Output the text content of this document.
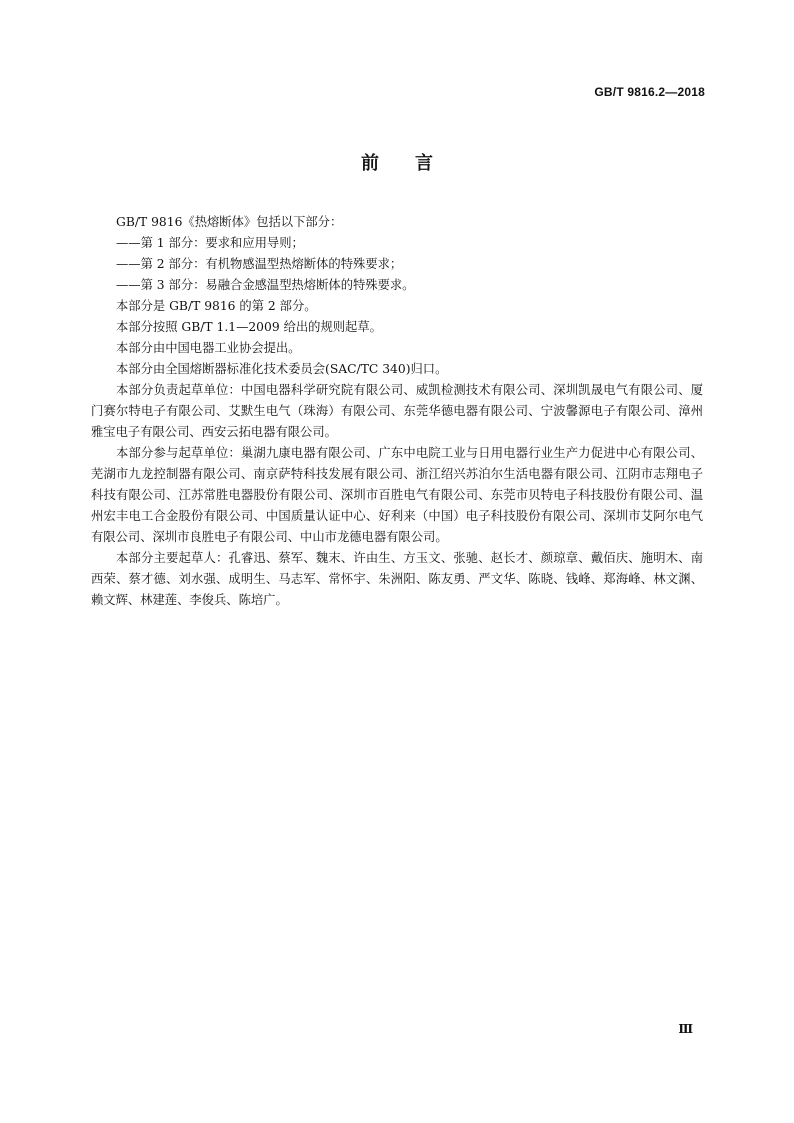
GB/T 9816.2—2018
前言

GB/T 9816《热熔断体》包括以下部分：

——第 1 部分：要求和应用导则；

——第 2 部分：有机物感温型热熔断体的特殊要求；

——第 3 部分：易融合金感温型热熔断体的特殊要求。

本部分是 GB/T 9816 的第 2 部分。

本部分按照 GB/T 1.1—2009 给出的规则起草。

本部分由中国电器工业协会提出。

本部分由全国熔断器标准化技术委员会(SAC/TC 340)归口。

本部分负责起草单位：中国电器科学研究院有限公司、威凯检测技术有限公司、深圳凯晟电气有限公司、厦门赛尔特电子有限公司、艾默生电气（珠海）有限公司、东莞华德电器有限公司、宁波馨源电子有限公司、漳州雅宝电子有限公司、西安云拓电器有限公司。

本部分参与起草单位：巢湖九康电器有限公司、广东中电院工业与日用电器行业生产力促进中心有限公司、芜湖市九龙控制器有限公司、南京萨特科技发展有限公司、浙江绍兴苏泊尔生活电器有限公司、江阴市志翔电子科技有限公司、江苏常胜电器股份有限公司、深圳市百胜电气有限公司、东莞市贝特电子科技股份有限公司、温州宏丰电工合金股份有限公司、中国质量认证中心、好利来（中国）电子科技股份有限公司、深圳市艾阿尔电气有限公司、深圳市良胜电子有限公司、中山市龙德电器有限公司。

本部分主要起草人：孔睿迅、蔡军、魏末、许由生、方玉文、张驰、赵长才、颜琼章、戴佰庆、施明木、南西荣、蔡才德、刘水强、成明生、马志军、常怀宇、朱洲阳、陈友勇、严文华、陈晓、钱峰、郑海峰、林文渊、赖文辉、林建莲、李俊兵、陈培广。

Ⅲ
